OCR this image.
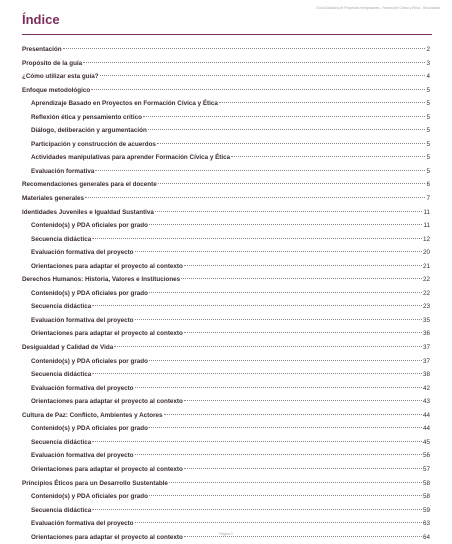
Guía Didáctica de Proyectos Integradores - Formación Cívica y Ética - Secundaria
Índice
Presentación	2
Propósito de la guía	3
¿Cómo utilizar esta guía?	4
Enfoque metodológico	5
Aprendizaje Basado en Proyectos en Formación Cívica y Ética	5
Reflexión ética y pensamiento crítico	5
Diálogo, deliberación y argumentación	5
Participación y construcción de acuerdos	5
Actividades manipulativas para aprender Formación Cívica y Ética	5
Evaluación formativa	5
Recomendaciones generales para el docente	6
Materiales generales	7
Identidades Juveniles e Igualdad Sustantiva	11
Contenido(s) y PDA oficiales por grado	11
Secuencia didáctica	12
Evaluación formativa del proyecto	20
Orientaciones para adaptar el proyecto al contexto	21
Derechos Humanos: Historia, Valores e Instituciones	22
Contenido(s) y PDA oficiales por grado	22
Secuencia didáctica	23
Evaluación formativa del proyecto	35
Orientaciones para adaptar el proyecto al contexto	36
Desigualdad y Calidad de Vida	37
Contenido(s) y PDA oficiales por grado	37
Secuencia didáctica	38
Evaluación formativa del proyecto	42
Orientaciones para adaptar el proyecto al contexto	43
Cultura de Paz: Conflicto, Ambientes y Actores	44
Contenido(s) y PDA oficiales por grado	44
Secuencia didáctica	45
Evaluación formativa del proyecto	56
Orientaciones para adaptar el proyecto al contexto	57
Principios Éticos para un Desarrollo Sustentable	58
Contenido(s) y PDA oficiales por grado	58
Secuencia didáctica	59
Evaluación formativa del proyecto	63
Orientaciones para adaptar el proyecto al contexto	64
Página 0
